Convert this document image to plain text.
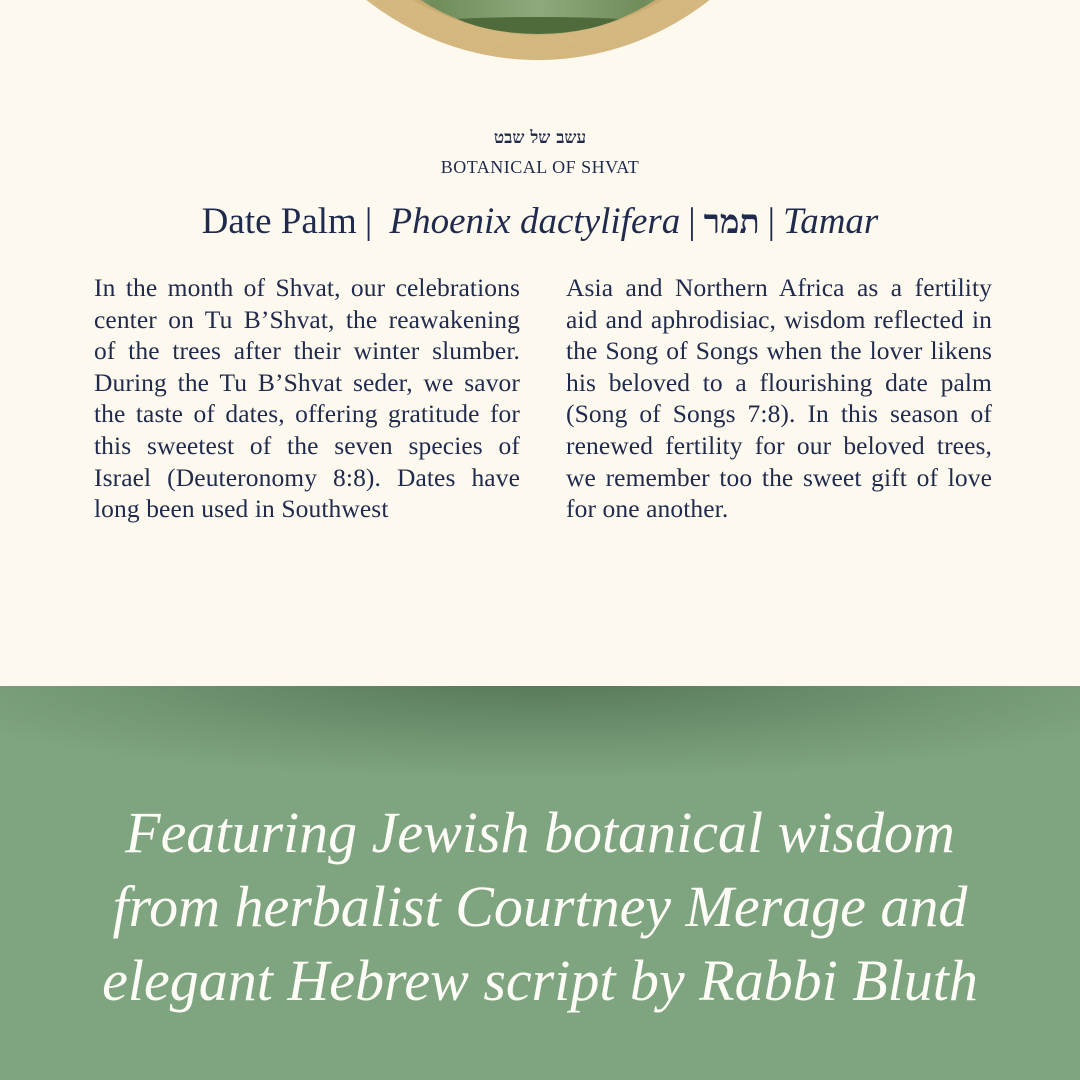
עשב של שבט
BOTANICAL OF SHVAT
Date Palm | Phoenix dactylifera | תמר | Tamar
In the month of Shvat, our celebrations center on Tu B’Shvat, the reawakening of the trees after their winter slumber. During the Tu B’Shvat seder, we savor the taste of dates, offering gratitude for this sweetest of the seven species of Israel (Deuteronomy 8:8). Dates have long been used in Southwest
Asia and Northern Africa as a fertility aid and aphrodisiac, wisdom reflected in the Song of Songs when the lover likens his beloved to a flourishing date palm (Song of Songs 7:8). In this season of renewed fertility for our beloved trees, we remember too the sweet gift of love for one another.
Featuring Jewish botanical wisdom
from herbalist Courtney Merage and
elegant Hebrew script by Rabbi Bluth
